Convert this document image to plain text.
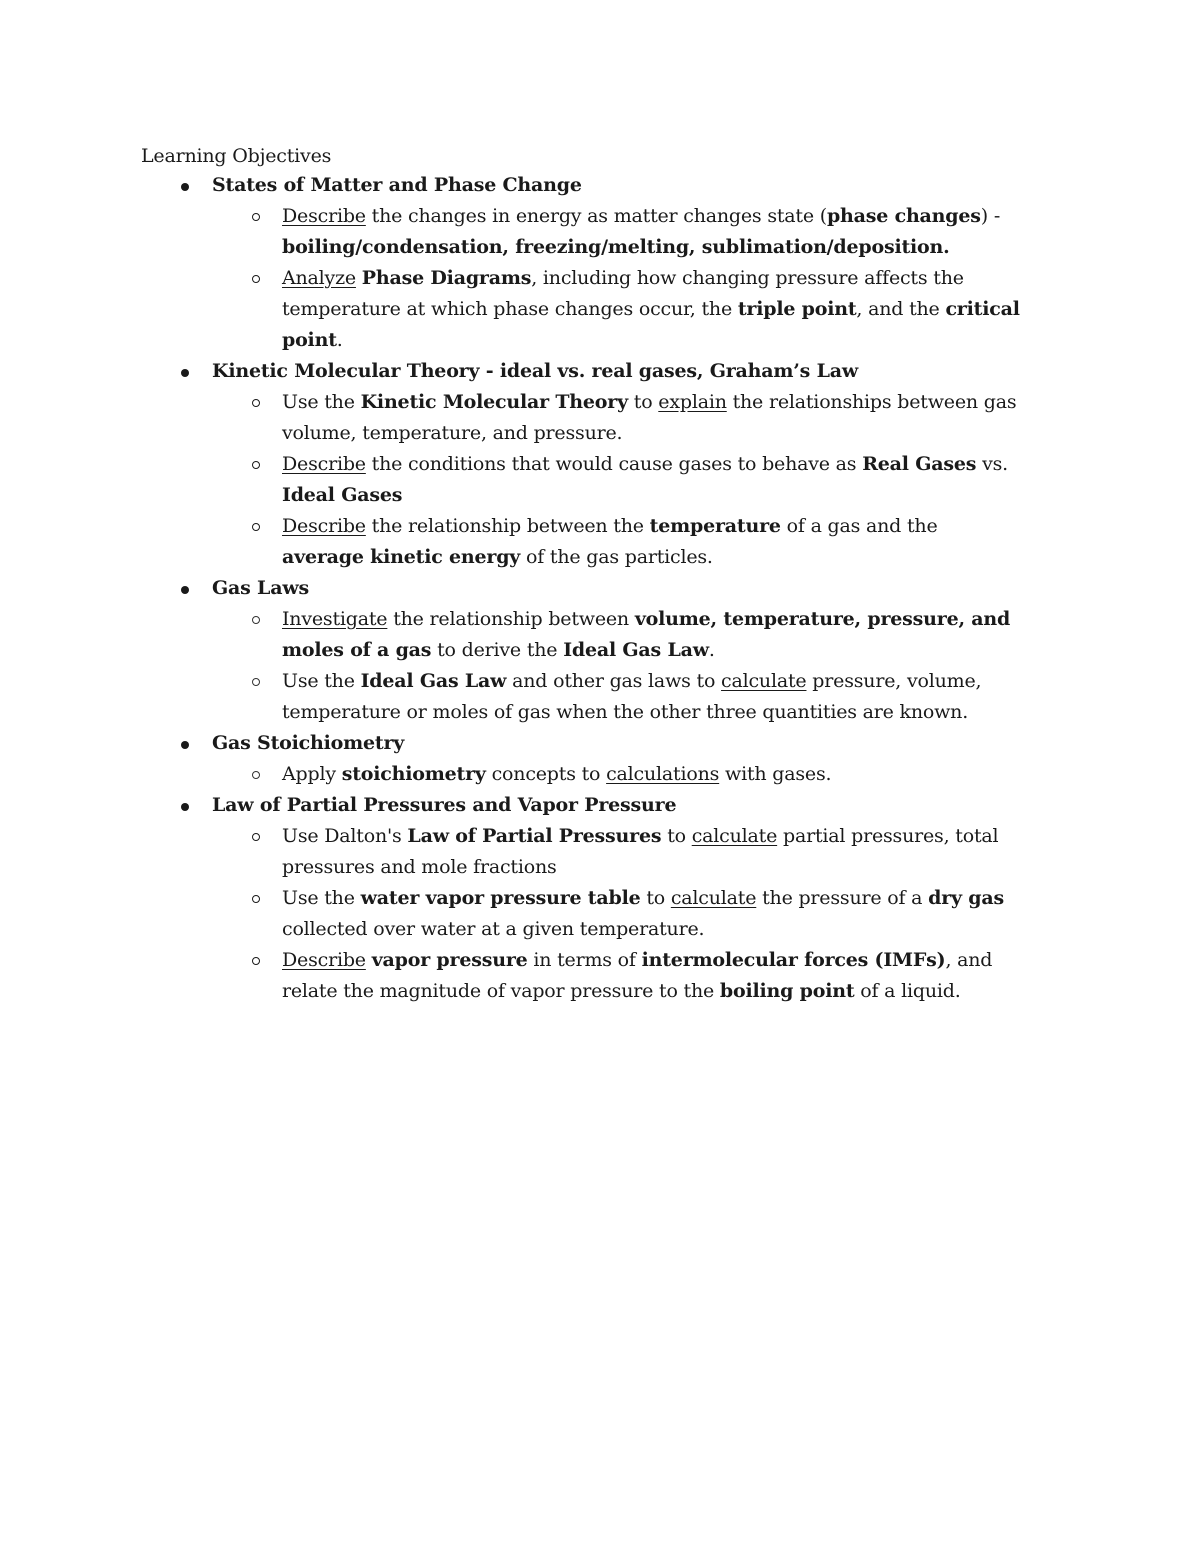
Learning Objectives
States of Matter and Phase Change
Describe the changes in energy as matter changes state (phase changes) - boiling/condensation, freezing/melting, sublimation/deposition.
Analyze Phase Diagrams, including how changing pressure affects the temperature at which phase changes occur, the triple point, and the critical point.
Kinetic Molecular Theory - ideal vs. real gases, Graham’s Law
Use the Kinetic Molecular Theory to explain the relationships between gas volume, temperature, and pressure.
Describe the conditions that would cause gases to behave as Real Gases vs. Ideal Gases
Describe the relationship between the temperature of a gas and the average kinetic energy of the gas particles.
Gas Laws
Investigate the relationship between volume, temperature, pressure, and moles of a gas to derive the Ideal Gas Law.
Use the Ideal Gas Law and other gas laws to calculate pressure, volume, temperature or moles of gas when the other three quantities are known.
Gas Stoichiometry
Apply stoichiometry concepts to calculations with gases.
Law of Partial Pressures and Vapor Pressure
Use Dalton's Law of Partial Pressures to calculate partial pressures, total pressures and mole fractions
Use the water vapor pressure table to calculate the pressure of a dry gas collected over water at a given temperature.
Describe vapor pressure in terms of intermolecular forces (IMFs), and relate the magnitude of vapor pressure to the boiling point of a liquid.
